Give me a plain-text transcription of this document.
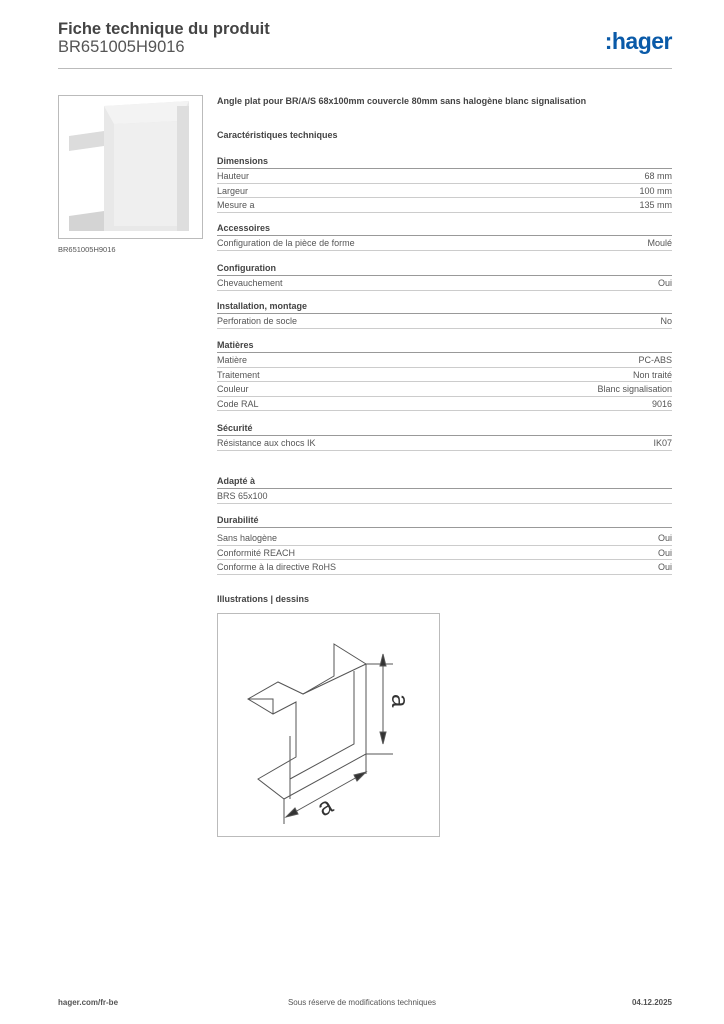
Fiche technique du produit
BR651005H9016	:hager
BR651005H9016
Angle plat pour BR/A/S 68x100mm couvercle 80mm sans halogène blanc signalisation
Caractéristiques techniques
Dimensions
Hauteur	68 mm
Largeur	100 mm
Mesure a	135 mm
Accessoires
Configuration de la pièce de forme	Moulé
Configuration
Chevauchement	Oui
Installation, montage
Perforation de socle	No
Matières
Matière	PC-ABS
Traitement	Non traité
Couleur	Blanc signalisation
Code RAL	9016
Sécurité
Résistance aux chocs IK	IK07
Adapté à
BRS 65x100
Durabilité
Sans halogène	Oui
Conformité REACH	Oui
Conforme à la directive RoHS	Oui
Illustrations | dessins
a
a
hager.com/fr-be	Sous réserve de modifications techniques	04.12.2025
